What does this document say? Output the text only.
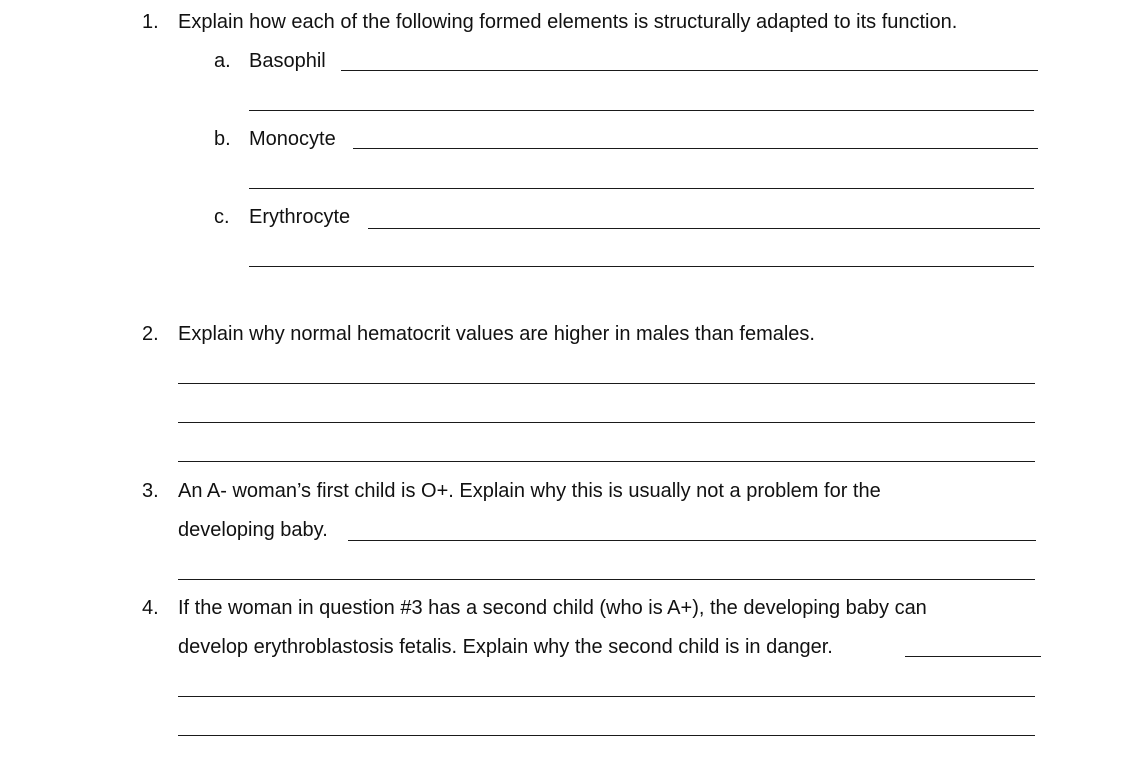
1. Explain how each of the following formed elements is structurally adapted to its function.
a. Basophil
b. Monocyte
c. Erythrocyte
2. Explain why normal hematocrit values are higher in males than females.
3. An A- woman’s first child is O+. Explain why this is usually not a problem for the
developing baby.
4. If the woman in question #3 has a second child (who is A+), the developing baby can
develop erythroblastosis fetalis. Explain why the second child is in danger.
